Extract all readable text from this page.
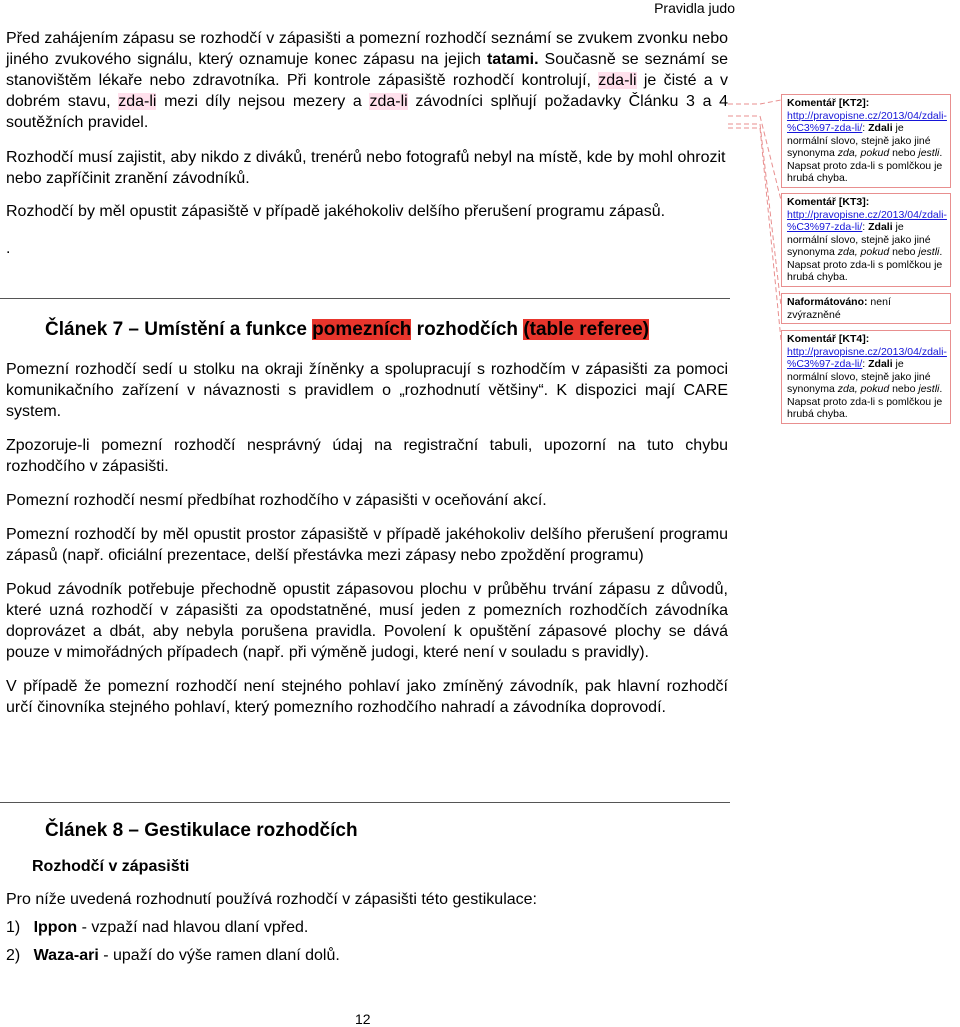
Pravidla judo

Před zahájením zápasu se rozhodčí v zápasišti a pomezní rozhodčí seznámí se zvukem zvonku nebo jiného zvukového signálu, který oznamuje konec zápasu na jejich tatami. Současně se seznámí se stanovištěm lékaře nebo zdravotníka. Při kontrole zápasiště rozhodčí kontrolují, zda-li je čisté a v dobrém stavu, zda-li mezi díly nejsou mezery a zda-li závodníci splňují požadavky Článku 3 a 4 soutěžních pravidel.

Rozhodčí musí zajistit, aby nikdo z diváků, trenérů nebo fotografů nebyl na místě, kde by mohl ohrozit nebo zapříčinit zranění závodníků.

Rozhodčí by měl opustit zápasiště v případě jakéhokoliv delšího přerušení programu zápasů.

.

Článek 7 – Umístění a funkce pomezních rozhodčích (table referee)

Pomezní rozhodčí sedí u stolku na okraji žíněnky a spolupracují s rozhodčím v zápasišti za pomoci komunikačního zařízení v návaznosti s pravidlem o „rozhodnutí většiny“. K dispozici mají CARE system.

Zpozoruje-li pomezní rozhodčí nesprávný údaj na registrační tabuli, upozorní na tuto chybu rozhodčího v zápasišti.

Pomezní rozhodčí nesmí předbíhat rozhodčího v zápasišti v oceňování akcí.

Pomezní rozhodčí by měl opustit prostor zápasiště v případě jakéhokoliv delšího přerušení programu zápasů (např. oficiální prezentace, delší přestávka mezi zápasy nebo zpoždění programu)

Pokud závodník potřebuje přechodně opustit zápasovou plochu v průběhu trvání zápasu z důvodů, které uzná rozhodčí v zápasišti za opodstatněné, musí jeden z pomezních rozhodčích závodníka doprovázet a dbát, aby nebyla porušena pravidla. Povolení k opuštění zápasové plochy se dává pouze v mimořádných případech (např. při výměně judogi, které není v souladu s pravidly).

V případě že pomezní rozhodčí není stejného pohlaví jako zmíněný závodník, pak hlavní rozhodčí určí činovníka stejného pohlaví, který pomezního rozhodčího nahradí a závodníka doprovodí.

Článek 8 – Gestikulace rozhodčích
Rozhodčí v zápasišti

Pro níže uvedená rozhodnutí používá rozhodčí v zápasišti této gestikulace:

1) Ippon - vzpaží nad hlavou dlaní vpřed.

2) Waza-ari - upaží do výše ramen dlaní dolů.

12
Komentář [KT2]: http://pravopisne.cz/2013/04/zdali-%C3%97-zda-li/: Zdali je normální slovo, stejně jako jiné synonyma zda, pokud nebo jestli. Napsat proto zda-li s pomlčkou je hrubá chyba.
Komentář [KT3]: http://pravopisne.cz/2013/04/zdali-%C3%97-zda-li/: Zdali je normální slovo, stejně jako jiné synonyma zda, pokud nebo jestli. Napsat proto zda-li s pomlčkou je hrubá chyba.
Naformátováno: není zvýrazněné
Komentář [KT4]: http://pravopisne.cz/2013/04/zdali-%C3%97-zda-li/: Zdali je normální slovo, stejně jako jiné synonyma zda, pokud nebo jestli. Napsat proto zda-li s pomlčkou je hrubá chyba.
